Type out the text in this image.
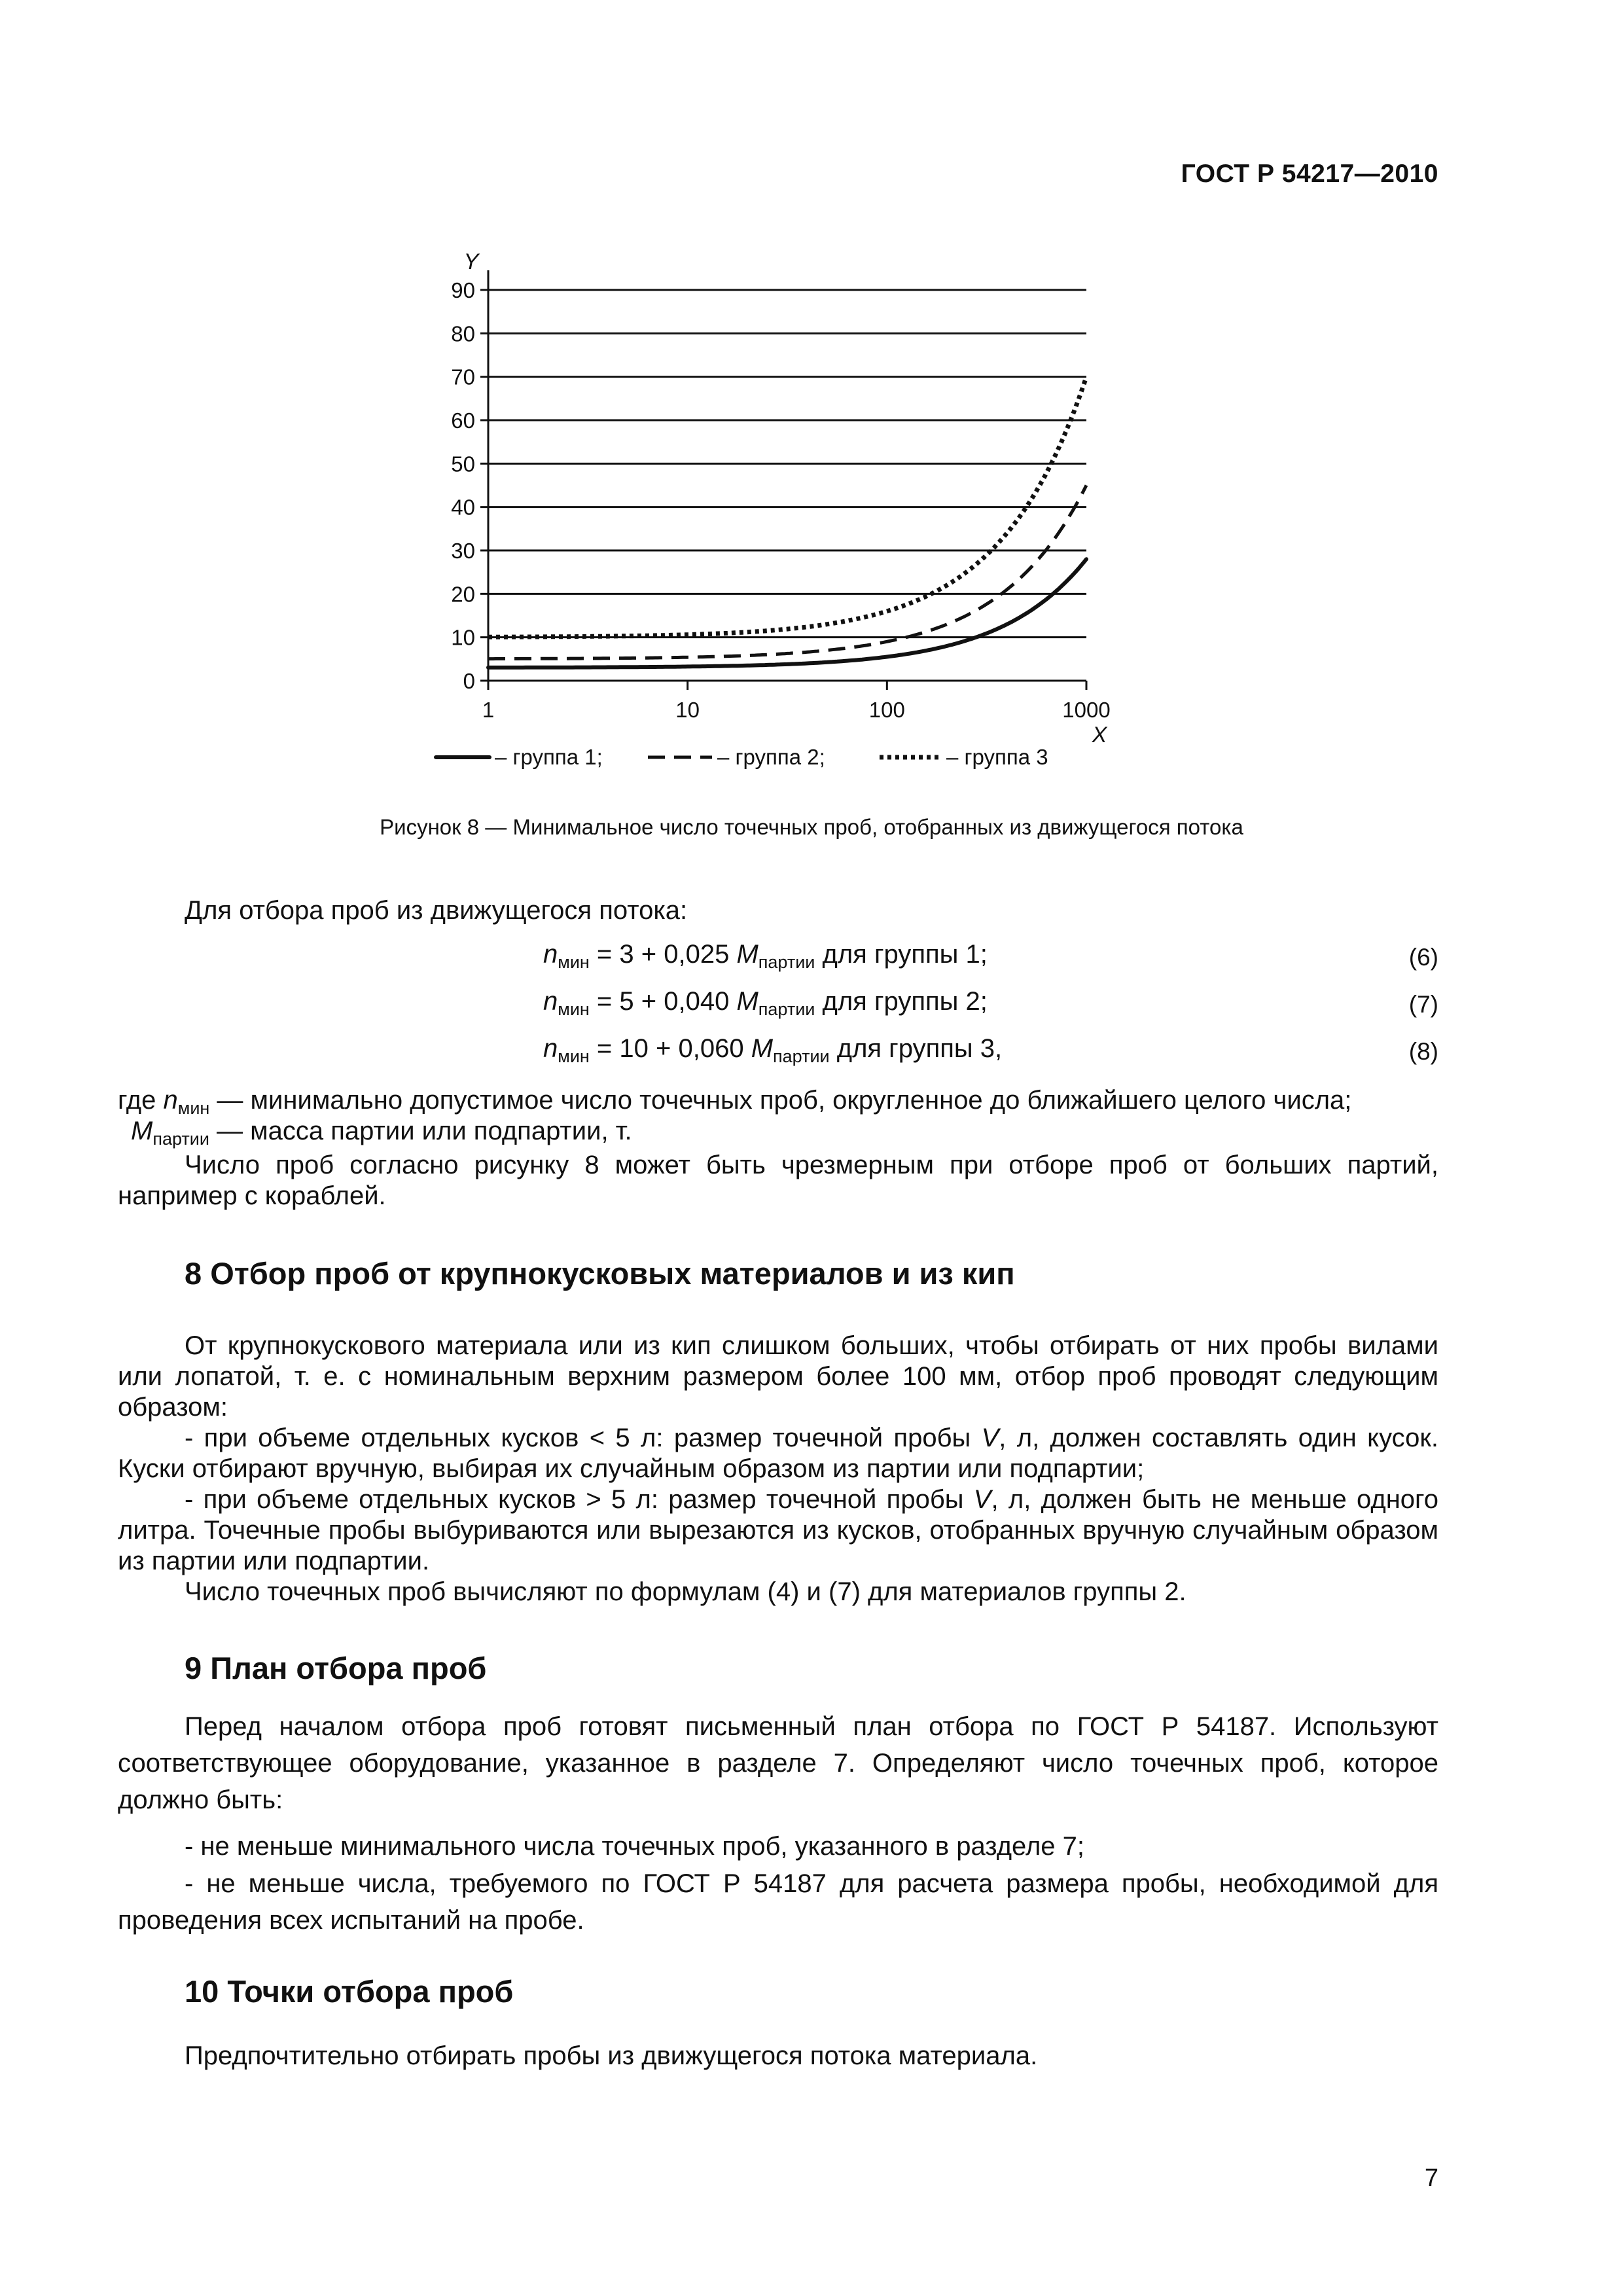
ГОСТ Р 54217—2010
0
10
20
30
40
50
60
70
80
90
Y
1	10	100	1000
X
– группа 1;	– группа 2;	– группа 3
Рисунок 8 — Минимальное число точечных проб, отобранных из движущегося потока
Для отбора проб из движущегося потока:
$n_{мин} = 3 + 0,025$ $M_{партии}$ для группы 1;	(6)
$n_{мин} = 5 + 0,040$ $M_{партии}$ для группы 2;	(7)
$n_{мин} = 10 + 0,060$ $M_{партии}$ для группы 3,	(8)
где $n_{мин}$ — минимально допустимое число точечных проб, округленное до ближайшего целого числа;
$M_{партии}$ — масса партии или подпартии, т.
Число проб согласно рисунку 8 может быть чрезмерным при отборе проб от больших партий, например с кораблей.
8 Отбор проб от крупнокусковых материалов и из кип
От крупнокускового материала или из кип слишком больших, чтобы отбирать от них пробы вилами или лопатой, т. е. с номинальным верхним размером более 100 мм, отбор проб проводят следующим образом:
- при объеме отдельных кусков < 5 л: размер точечной пробы V, л, должен составлять один кусок. Куски отбирают вручную, выбирая их случайным образом из партии или подпартии;
- при объеме отдельных кусков > 5 л: размер точечной пробы V, л, должен быть не меньше одного литра. Точечные пробы выбуриваются или вырезаются из кусков, отобранных вручную случайным образом из партии или подпартии.
Число точечных проб вычисляют по формулам (4) и (7) для материалов группы 2.
9 План отбора проб
Перед началом отбора проб готовят письменный план отбора по ГОСТ Р 54187. Используют соответствующее оборудование, указанное в разделе 7. Определяют число точечных проб, которое должно быть:
- не меньше минимального числа точечных проб, указанного в разделе 7;
- не меньше числа, требуемого по ГОСТ Р 54187 для расчета размера пробы, необходимой для проведения всех испытаний на пробе.
10 Точки отбора проб
Предпочтительно отбирать пробы из движущегося потока материала.
7
